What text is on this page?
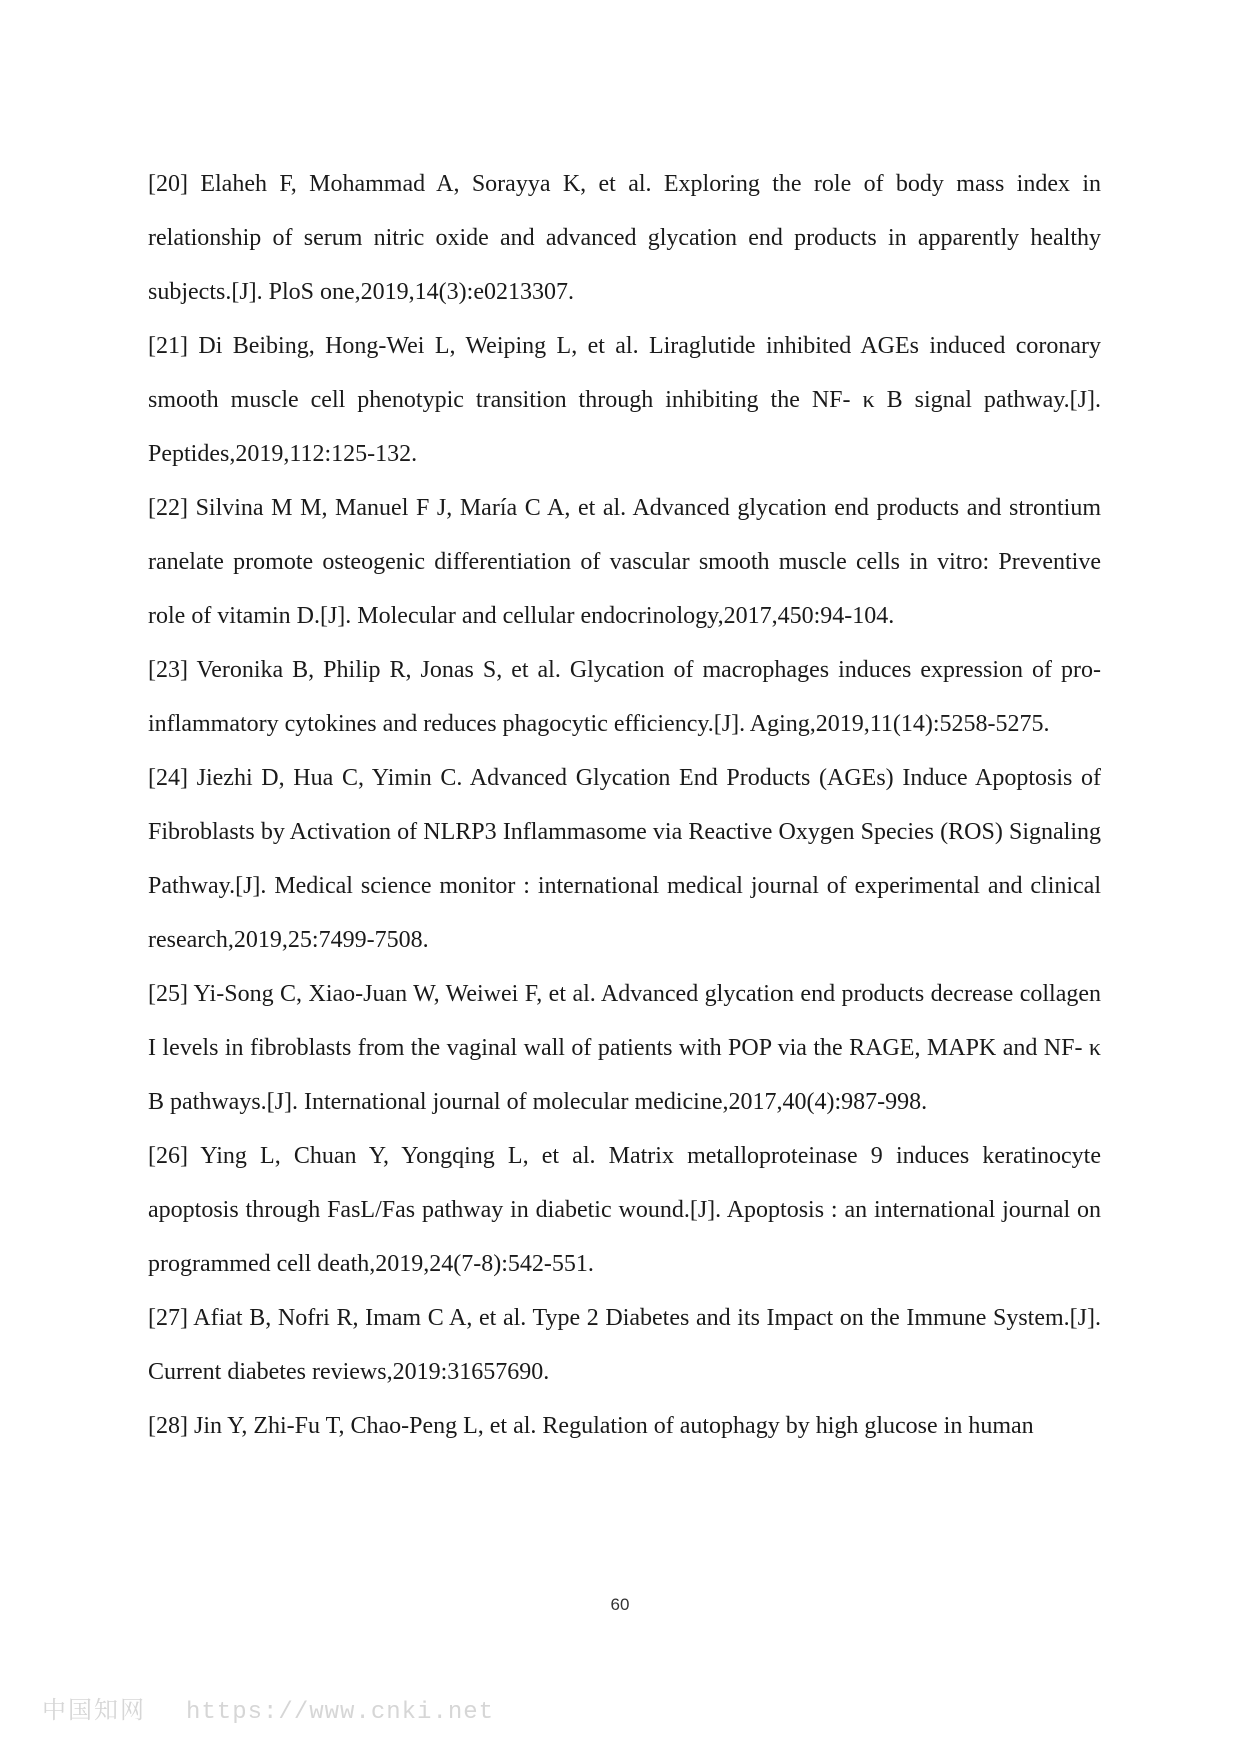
[20] Elaheh F, Mohammad A, Sorayya K, et al. Exploring the role of body mass index in relationship of serum nitric oxide and advanced glycation end products in apparently healthy subjects.[J]. PloS one,2019,14(3):e0213307.

[21] Di Beibing, Hong-Wei L, Weiping L, et al. Liraglutide inhibited AGEs induced coronary smooth muscle cell phenotypic transition through inhibiting the NF- κ B signal pathway.[J]. Peptides,2019,112:125-132.

[22] Silvina M M, Manuel F J, María C A, et al. Advanced glycation end products and strontium ranelate promote osteogenic differentiation of vascular smooth muscle cells in vitro: Preventive role of vitamin D.[J]. Molecular and cellular endocrinology,2017,450:94-104.

[23] Veronika B, Philip R, Jonas S, et al. Glycation of macrophages induces expression of pro-inflammatory cytokines and reduces phagocytic efficiency.[J]. Aging,2019,11(14):5258-5275.

[24] Jiezhi D, Hua C, Yimin C. Advanced Glycation End Products (AGEs) Induce Apoptosis of Fibroblasts by Activation of NLRP3 Inflammasome via Reactive Oxygen Species (ROS) Signaling Pathway.[J]. Medical science monitor : international medical journal of experimental and clinical research,2019,25:7499-7508.

[25] Yi-Song C, Xiao-Juan W, Weiwei F, et al. Advanced glycation end products decrease collagen I levels in fibroblasts from the vaginal wall of patients with POP via the RAGE, MAPK and NF- κ B pathways.[J]. International journal of molecular medicine,2017,40(4):987-998.

[26] Ying L, Chuan Y, Yongqing L, et al. Matrix metalloproteinase 9 induces keratinocyte apoptosis through FasL/Fas pathway in diabetic wound.[J]. Apoptosis : an international journal on programmed cell death,2019,24(7-8):542-551.

[27] Afiat B, Nofri R, Imam C A, et al. Type 2 Diabetes and its Impact on the Immune System.[J]. Current diabetes reviews,2019:31657690.

[28] Jin Y, Zhi-Fu T, Chao-Peng L, et al. Regulation of autophagy by high glucose in human

60
中国知网 https://www.cnki.net
